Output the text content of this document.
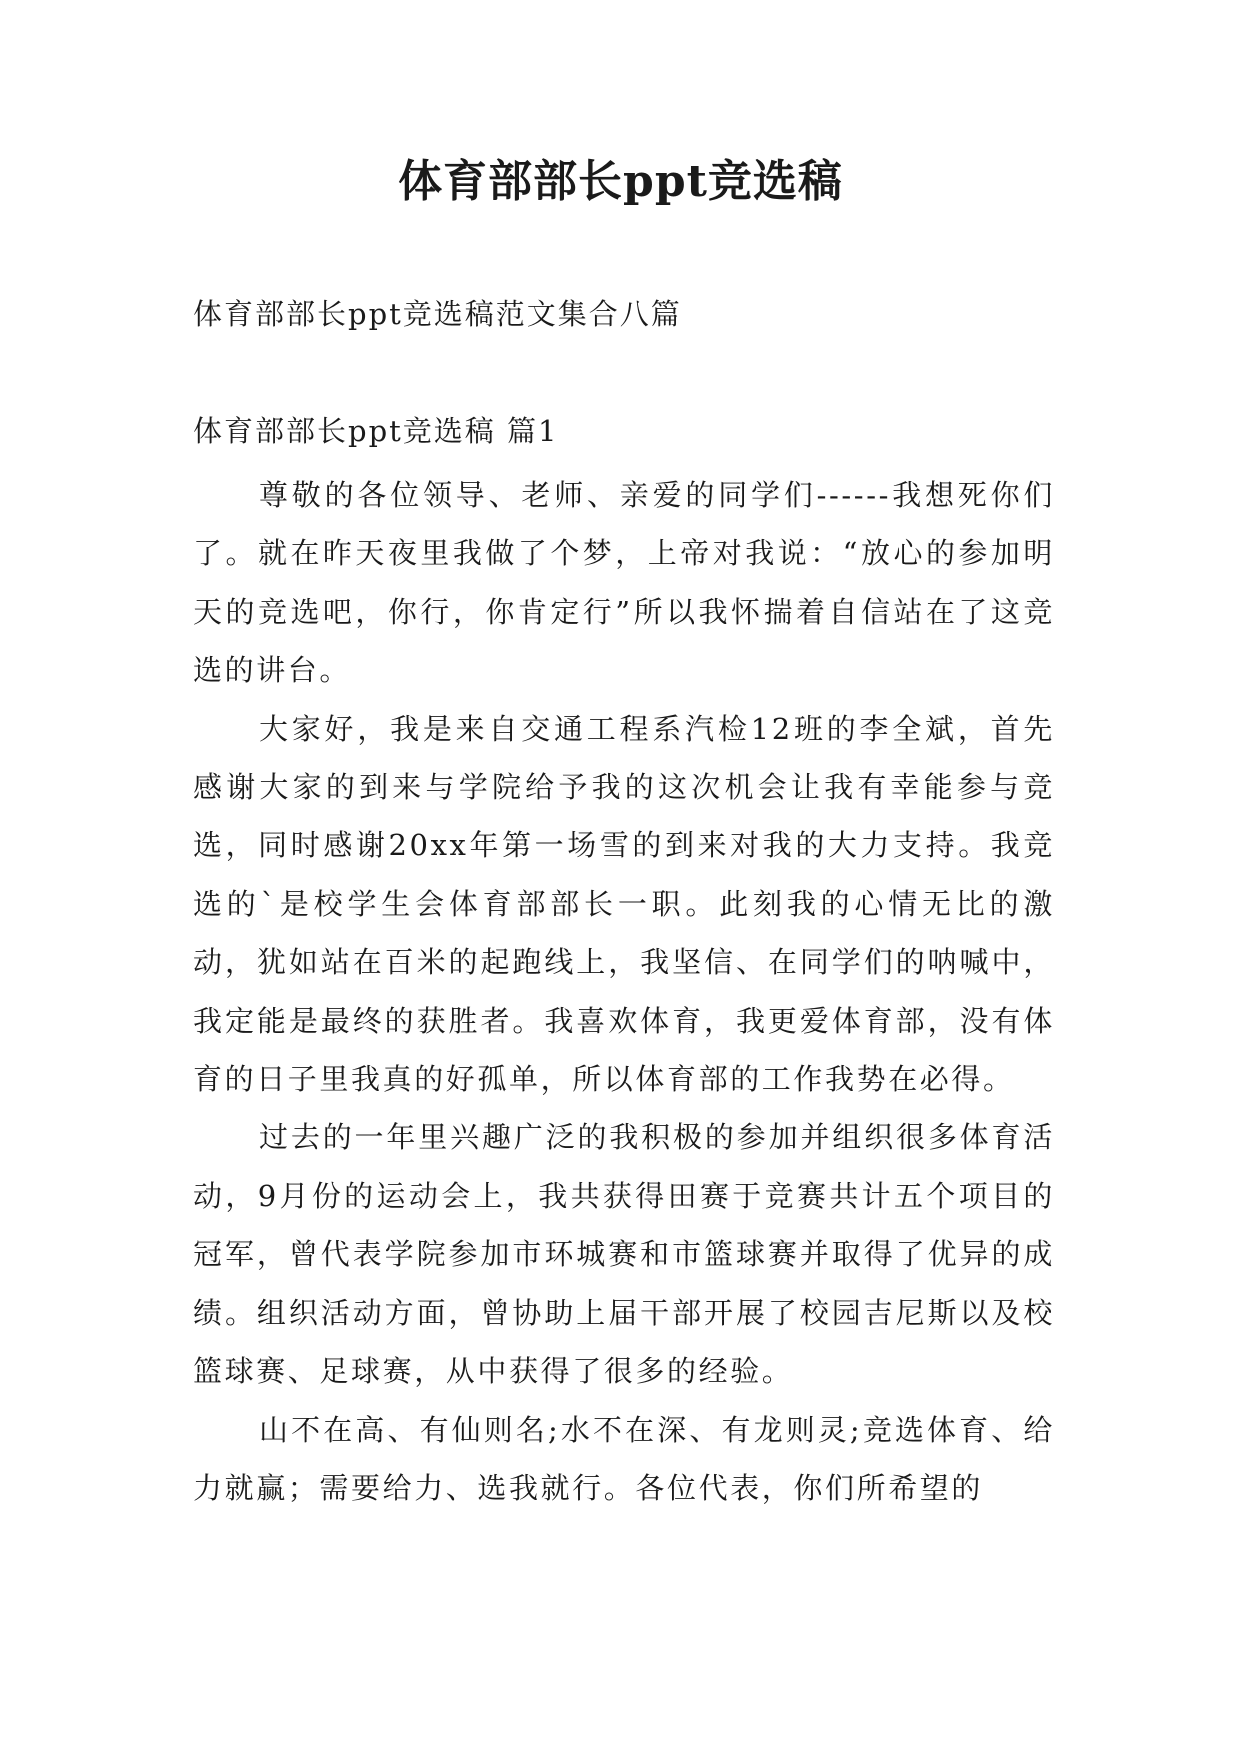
体育部部长ppt竞选稿

体育部部长ppt竞选稿范文集合八篇

体育部部长ppt竞选稿 篇1

尊敬的各位领导、老师、亲爱的同学们------我想死你们了。就在昨天夜里我做了个梦，上帝对我说：“放心的参加明天的竞选吧，你行，你肯定行”所以我怀揣着自信站在了这竞选的讲台。

大家好，我是来自交通工程系汽检12班的李全斌，首先感谢大家的到来与学院给予我的这次机会让我有幸能参与竞选，同时感谢20xx年第一场雪的到来对我的大力支持。我竞选的`是校学生会体育部部长一职。此刻我的心情无比的激动，犹如站在百米的起跑线上，我坚信、在同学们的呐喊中，我定能是最终的获胜者。我喜欢体育，我更爱体育部，没有体育的日子里我真的好孤单，所以体育部的工作我势在必得。

过去的一年里兴趣广泛的我积极的参加并组织很多体育活动，9月份的运动会上，我共获得田赛于竞赛共计五个项目的冠军，曾代表学院参加市环城赛和市篮球赛并取得了优异的成绩。组织活动方面，曾协助上届干部开展了校园吉尼斯以及校篮球赛、足球赛，从中获得了很多的经验。

山不在高、有仙则名;水不在深、有龙则灵;竞选体育、给力就赢；需要给力、选我就行。各位代表，你们所希望的
